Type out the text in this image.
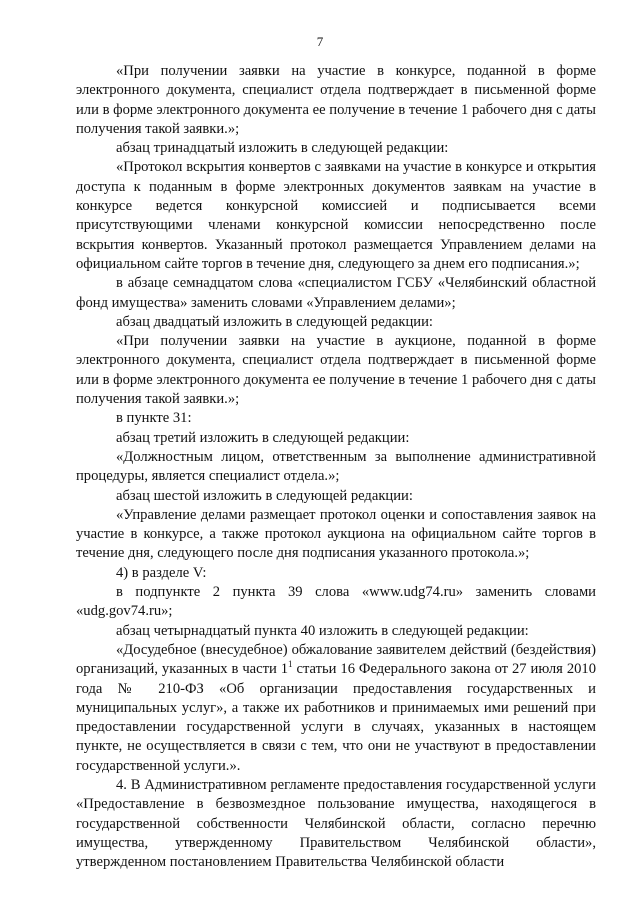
7

«При получении заявки на участие в конкурсе, поданной в форме электронного документа, специалист отдела подтверждает в письменной форме или в форме электронного документа ее получение в течение 1 рабочего дня с даты получения такой заявки.»;

абзац тринадцатый изложить в следующей редакции:

«Протокол вскрытия конвертов с заявками на участие в конкурсе и открытия доступа к поданным в форме электронных документов заявкам на участие в конкурсе ведется конкурсной комиссией и подписывается всеми присутствующими членами конкурсной комиссии непосредственно после вскрытия конвертов. Указанный протокол размещается Управлением делами на официальном сайте торгов в течение дня, следующего за днем его подписания.»;

в абзаце семнадцатом слова «специалистом ГСБУ «Челябинский областной фонд имущества» заменить словами «Управлением делами»;

абзац двадцатый изложить в следующей редакции:

«При получении заявки на участие в аукционе, поданной в форме электронного документа, специалист отдела подтверждает в письменной форме или в форме электронного документа ее получение в течение 1 рабочего дня с даты получения такой заявки.»;

в пункте 31:

абзац третий изложить в следующей редакции:

«Должностным лицом, ответственным за выполнение административной процедуры, является специалист отдела.»;

абзац шестой изложить в следующей редакции:

«Управление делами размещает протокол оценки и сопоставления заявок на участие в конкурсе, а также протокол аукциона на официальном сайте торгов в течение дня, следующего после дня подписания указанного протокола.»;

4) в разделе V:

в подпункте 2 пункта 39 слова «www.udg74.ru» заменить словами «udg.gov74.ru»;

абзац четырнадцатый пункта 40 изложить в следующей редакции:

«Досудебное (внесудебное) обжалование заявителем действий (бездействия) организаций, указанных в части $1^1$ статьи 16 Федерального закона от 27 июля 2010 года № 210-ФЗ «Об организации предоставления государственных и муниципальных услуг», а также их работников и принимаемых ими решений при предоставлении государственной услуги в случаях, указанных в настоящем пункте, не осуществляется в связи с тем, что они не участвуют в предоставлении государственной услуги.».

4. В Административном регламенте предоставления государственной услуги «Предоставление в безвозмездное пользование имущества, находящегося в государственной собственности Челябинской области, согласно перечню имущества, утвержденному Правительством Челябинской области», утвержденном постановлением Правительства Челябинской области
